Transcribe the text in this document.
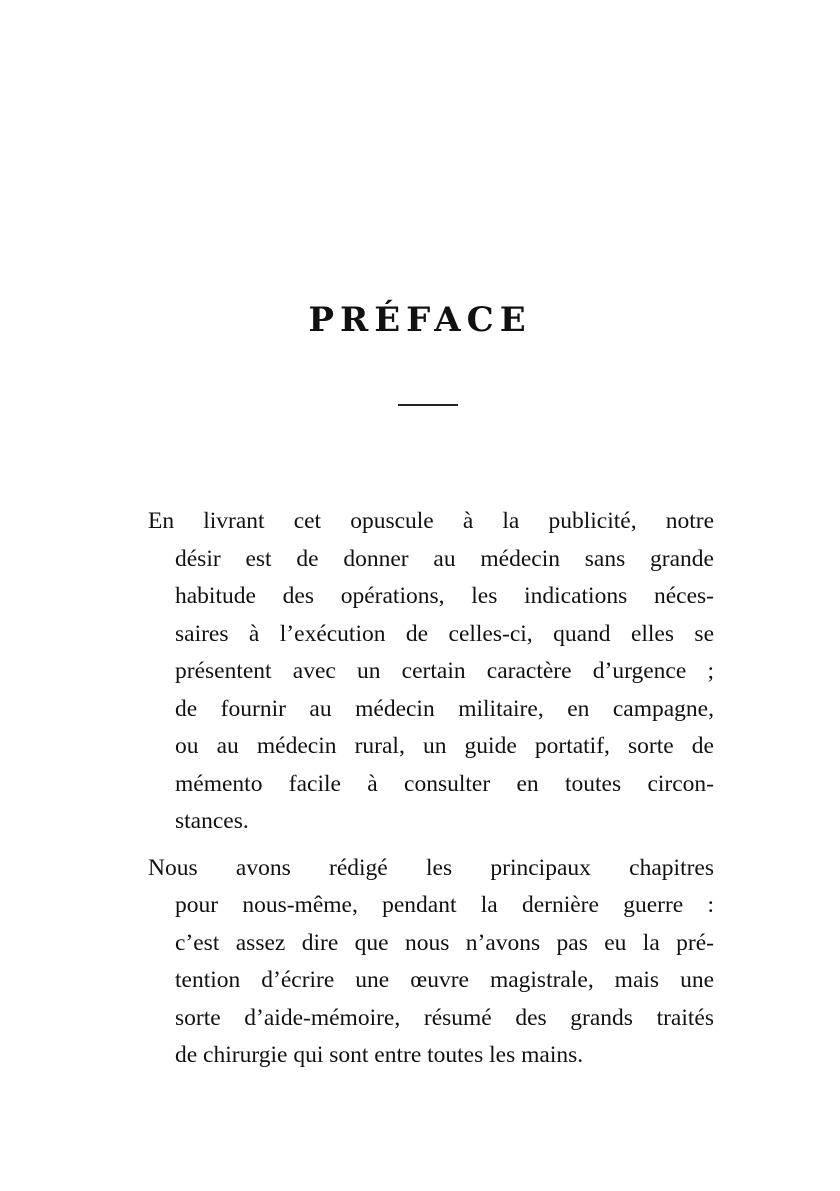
PRÉFACE

En livrant cet opuscule à la publicité, notre
désir est de donner au médecin sans grande
habitude des opérations, les indications néces-
saires à l’exécution de celles-ci, quand elles se
présentent avec un certain caractère d’urgence ;
de fournir au médecin militaire, en campagne,
ou au médecin rural, un guide portatif, sorte de
mémento facile à consulter en toutes circon-
stances.

Nous avons rédigé les principaux chapitres
pour nous-même, pendant la dernière guerre :
c’est assez dire que nous n’avons pas eu la pré-
tention d’écrire une œuvre magistrale, mais une
sorte d’aide-mémoire, résumé des grands traités
de chirurgie qui sont entre toutes les mains.
